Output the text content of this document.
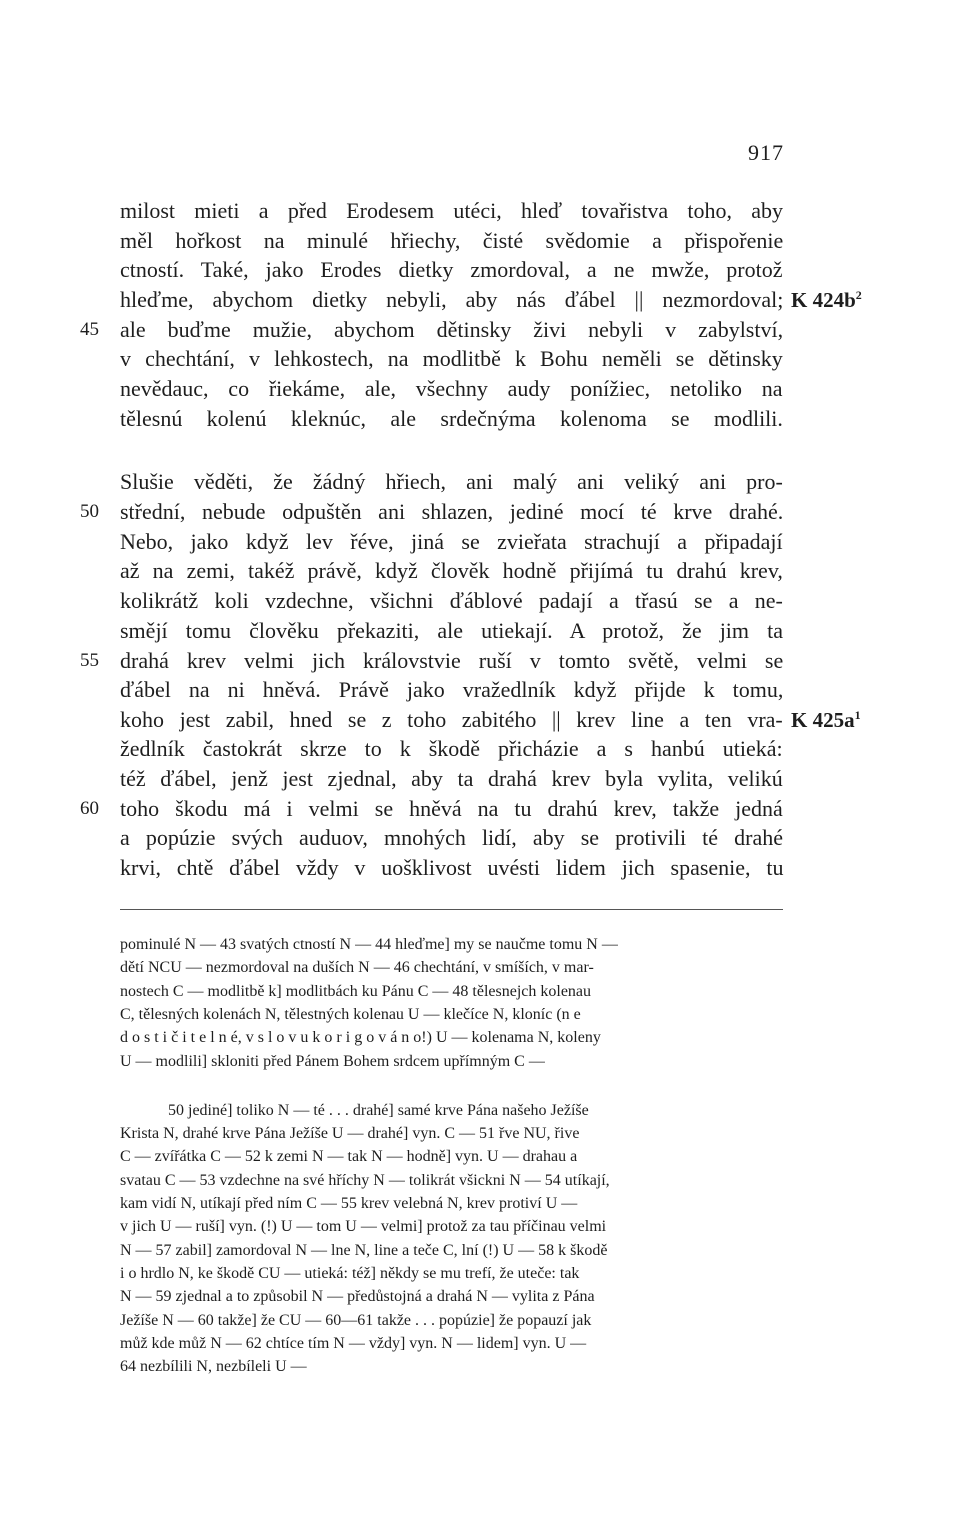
917
milost mieti a před Erodesem utéci, hleď tovařistva toho, aby
měl hořkost na minulé hřiechy, čisté svědomie a přispořenie
ctností. Také, jako Erodes dietky zmordoval, a ne mwže, protož
hleďme, abychom dietky nebyli, aby nás ďábel || nezmordoval; K $424b^2$
ale buďme mužie, abychom dětinsky živi nebyli v zabylství,
45
v chechtání, v lehkostech, na modlitbě k Bohu neměli se dětinsky
nevědauc, co řiekáme, ale, všechny audy ponížiec, netoliko na
tělesnú kolenú kleknúc, ale srdečnýma kolenoma se modlili.
Slušie věděti, že žádný hřiech, ani malý ani veliký ani pro-
střední, nebude odpuštěn ani shlazen, jediné mocí té krve drahé.
50
Nebo, jako když lev řéve, jiná se zvieřata strachují a připadají
až na zemi, takéž právě, když člověk hodně přijímá tu drahú krev,
kolikrátž koli vzdechne, všichni ďáblové padají a třasú se a ne-
smějí tomu člověku překaziti, ale utiekají. A protož, že jim ta
drahá krev velmi jich královstvie ruší v tomto světě, velmi se
55
ďábel na ni hněvá. Právě jako vražedlník když přijde k tomu,
koho jest zabil, hned se z toho zabitého || krev line a ten vra- K $425a^1$
žedlník častokrát skrze to k škodě přicházie a s hanbú utieká:
též ďábel, jenž jest zjednal, aby ta drahá krev byla vylita, velikú
toho škodu má i velmi se hněvá na tu drahú krev, takže jedná
60
a popúzie svých auduov, mnohých lidí, aby se protivili té drahé
krvi, chtě ďábel vždy v uošklivost uvésti lidem jich spasenie, tu
pominulé N — 43 svatých ctností N — 44 hleďme] my se naučme tomu N —
dětí NCU — nezmordoval na duších N — 46 chechtání, v smíších, v mar-
nostech C — modlitbě k] modlitbách ku Pánu C — 48 tělesnejch kolenau
C, tělesných kolenách N, tělestných kolenau U — klečíce N, kloníc (n e
d o s t i č i t e l n é, v s l o v u k o r i g o v á n o!) U — kolenama N, koleny
U — modlili] skloniti před Pánem Bohem srdcem upřímným C —
50 jediné] toliko N — té . . . drahé] samé krve Pána našeho Ježíše
Krista N, drahé krve Pána Ježíše U — drahé] vyn. C — 51 řve NU, řive
C — zvířátka C — 52 k zemi N — tak N — hodně] vyn. U — drahau a
svatau C — 53 vzdechne na své hříchy N — tolikrát všickni N — 54 utíkají,
kam vidí N, utíkají před ním C — 55 krev velebná N, krev protiví U —
v jich U — ruší] vyn. (!) U — tom U — velmi] protož za tau příčinau velmi
N — 57 zabil] zamordoval N — lne N, line a teče C, lní (!) U — 58 k škodě
i o hrdlo N, ke škodě CU — utieká: též] někdy se mu trefí, že uteče: tak
N — 59 zjednal a to způsobil N — předůstojná a drahá N — vylita z Pána
Ježíše N — 60 takže] že CU — 60—61 takže . . . popúzie] že popauzí jak
můž kde můž N — 62 chtíce tím N — vždy] vyn. N — lidem] vyn. U —
64 nezbílili N, nezbíleli U —
